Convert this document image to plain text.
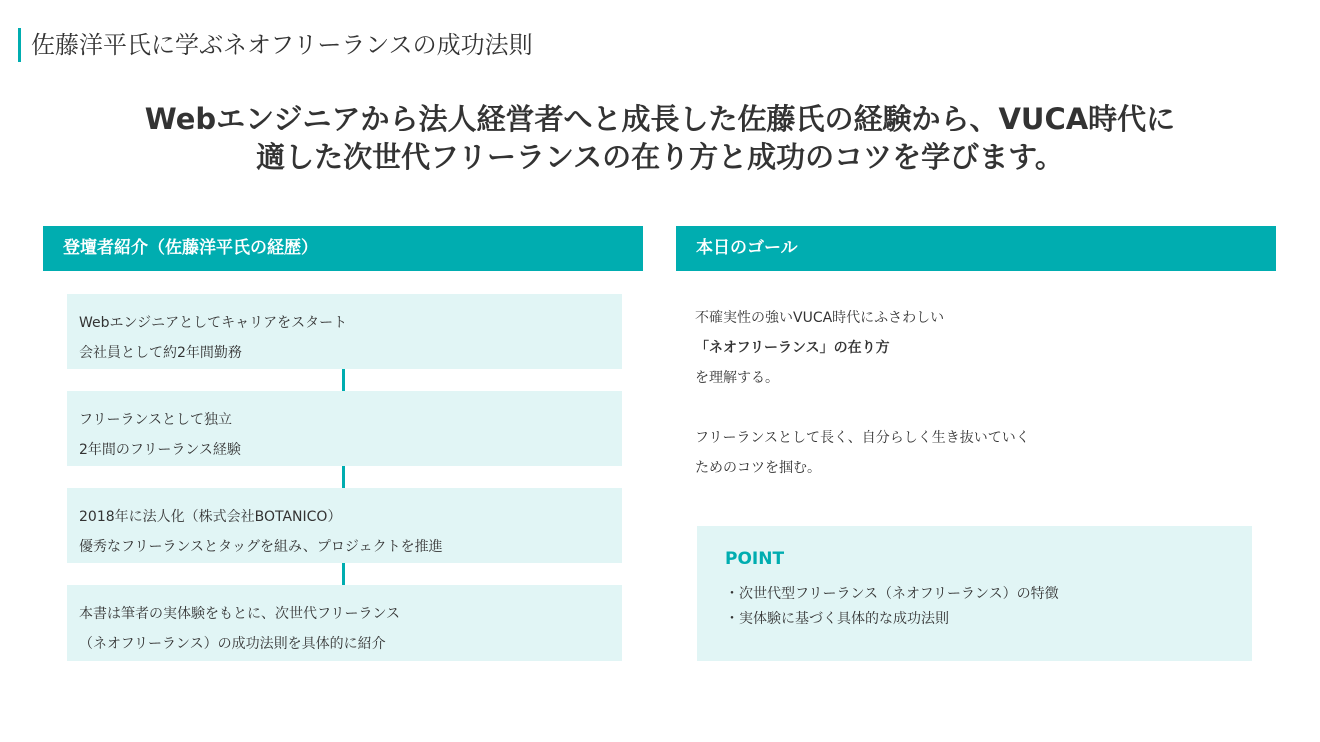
佐藤洋平氏に学ぶネオフリーランスの成功法則
Webエンジニアから法人経営者へと成長した佐藤氏の経験から、VUCA時代に
適した次世代フリーランスの在り方と成功のコツを学びます。
登壇者紹介（佐藤洋平氏の経歴）	本日のゴール
Webエンジニアとしてキャリアをスタート
会社員として約2年間勤務
フリーランスとして独立
2年間のフリーランス経験
2018年に法人化（株式会社BOTANICO）
優秀なフリーランスとタッグを組み、プロジェクトを推進
本書は筆者の実体験をもとに、次世代フリーランス
（ネオフリーランス）の成功法則を具体的に紹介
不確実性の強いVUCA時代にふさわしい
「ネオフリーランス」の在り方
を理解する。
フリーランスとして長く、自分らしく生き抜いていく
ためのコツを掴む。
POINT
・次世代型フリーランス（ネオフリーランス）の特徴
・実体験に基づく具体的な成功法則
